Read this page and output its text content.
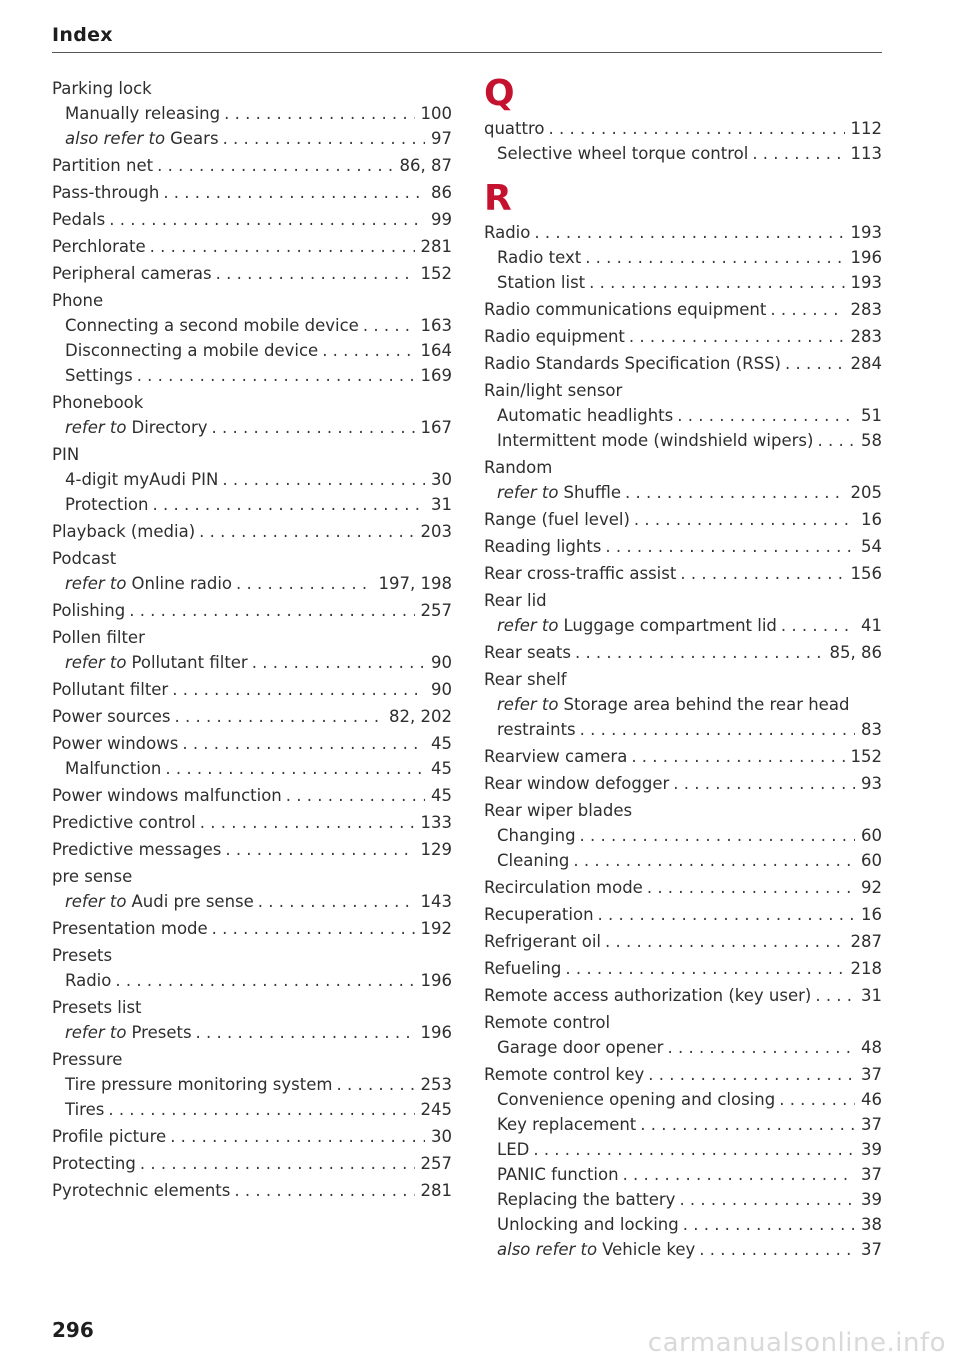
Index
Parking lock
Manually releasing . . .	100
also refer to Gears . . .	97
Partition net . . .	86, 87
Pass-through . . .	86
Pedals . . .	99
Perchlorate . . .	281
Peripheral cameras . . .	152
Phone
Connecting a second mobile device . . .	163
Disconnecting a mobile device . . .	164
Settings . . .	169
Phonebook
refer to Directory . . .	167
PIN
4-digit myAudi PIN . . .	30
Protection . . .	31
Playback (media) . . .	203
Podcast
refer to Online radio . . .	197, 198
Polishing . . .	257
Pollen filter
refer to Pollutant filter . . .	90
Pollutant filter . . .	90
Power sources . . .	82, 202
Power windows . . .	45
Malfunction . . .	45
Power windows malfunction . . .	45
Predictive control . . .	133
Predictive messages . . .	129
pre sense
refer to Audi pre sense . . .	143
Presentation mode . . .	192
Presets
Radio . . .	196
Presets list
refer to Presets . . .	196
Pressure
Tire pressure monitoring system . . .	253
Tires . . .	245
Profile picture . . .	30
Protecting . . .	257
Pyrotechnic elements . . .	281
Q
R
quattro . . .	112
Selective wheel torque control . . .	113
Radio . . .	193
Radio text . . .	196
Station list . . .	193
Radio communications equipment . . .	283
Radio equipment . . .	283
Radio Standards Specification (RSS) . . .	284
Rain/light sensor
Automatic headlights . . .	51
Intermittent mode (windshield wipers) . . .	58
Random
refer to Shuffle . . .	205
Range (fuel level) . . .	16
Reading lights . . .	54
Rear cross-traffic assist . . .	156
Rear lid
refer to Luggage compartment lid . . .	41
Rear seats . . .	85, 86
Rear shelf
refer to Storage area behind the rear head
restraints . . .	83
Rearview camera . . .	152
Rear window defogger . . .	93
Rear wiper blades
Changing . . .	60
Cleaning . . .	60
Recirculation mode . . .	92
Recuperation . . .	16
Refrigerant oil . . .	287
Refueling . . .	218
Remote access authorization (key user) . . .	31
Remote control
Garage door opener . . .	48
Remote control key . . .	37
Convenience opening and closing . . .	46
Key replacement . . .	37
LED . . .	39
PANIC function . . .	37
Replacing the battery . . .	39
Unlocking and locking . . .	38
also refer to Vehicle key . . .	37
296	carmanualsonline.info
